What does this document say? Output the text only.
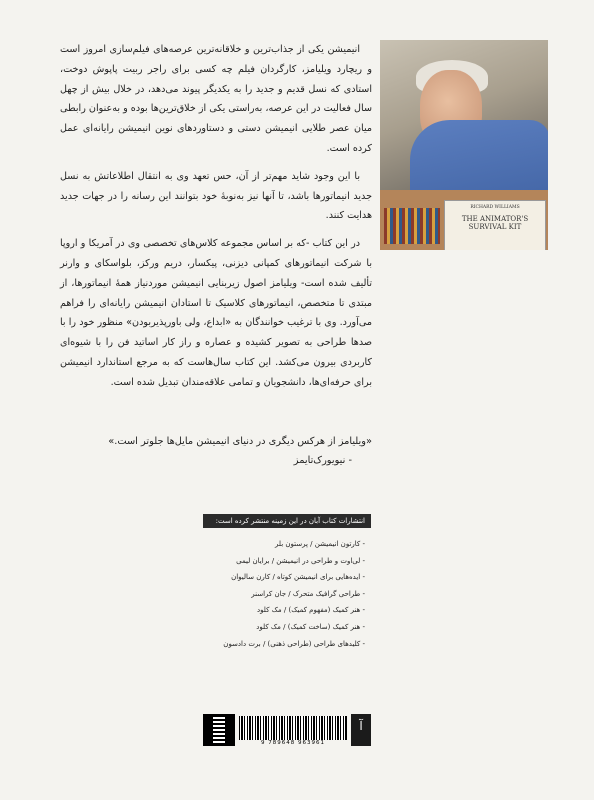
RICHARD WILLIAMS
THE ANIMATOR'S SURVIVAL KIT

انیمیشن یکی از جذاب‌ترین و خلاقانه‌ترین عرصه‌های فیلم‌سازی امروز است و ریچارد ویلیامز، کارگردان فیلم چه کسی برای راجر ربیت پاپوش دوخت، استادی که نسل قدیم و جدید را به یکدیگر پیوند می‌دهد، در خلال بیش از چهل سال فعالیت در این عرصه، به‌راستی یکی از خلاق‌ترین‌ها بوده و به‌عنوان رابطی میان عصر طلایی انیمیشن دستی و دستاوردهای نوین انیمیشن رایانه‌ای عمل کرده است.

با این وجود شاید مهم‌تر از آن، حس تعهد وی به انتقال اطلاعاتش به نسل جدید انیماتورها باشد، تا آنها نیز به‌نوبهٔ خود بتوانند این رسانه را در جهات جدید هدایت کنند.

در این کتاب -که بر اساس مجموعه کلاس‌های تخصصی وی در آمریکا و اروپا با شرکت انیماتورهای کمپانی دیزنی، پیکسار، دریم ورکز، بلواسکای و وارنر تألیف شده است- ویلیامز اصول زیربنایی انیمیشن موردنیاز همهٔ انیماتورها، از مبتدی تا متخصص، انیماتورهای کلاسیک تا استادان انیمیشن رایانه‌ای را فراهم می‌آورد. وی با ترغیب خوانندگان به «ابداع، ولی باورپذیربودن» منظور خود را با صدها طراحی به تصویر کشیده و عصاره و راز کار اساتید فن را با شیوه‌ای کاربردی بیرون می‌کشد. این کتاب سال‌هاست که به مرجع استاندارد انیمیشن برای حرفه‌ای‌ها، دانشجویان و تمامی علاقه‌مندان تبدیل شده است.

«ویلیامز از هرکس دیگری در دنیای انیمیشن مایل‌ها جلوتر است.»
- نیویورک‌تایمز
انتشارات کتاب آبان در این زمینه منتشر کرده است:
- کارتون انیمیشن / پرستون بلر
- لی‌اوت و طراحی در انیمیشن / برایان لیمی
- ایده‌هایی برای انیمیشن کوتاه / کارن سالیوان
- طراحی گرافیک متحرک / جان کراسنر
- هنر کمیک (مفهوم کمیک) / مک کلود
- هنر کمیک (ساخت کمیک) / مک کلود
- کلیدهای طراحی (طراحی ذهنی) / برت دادسون
9 789648 963961
آ
